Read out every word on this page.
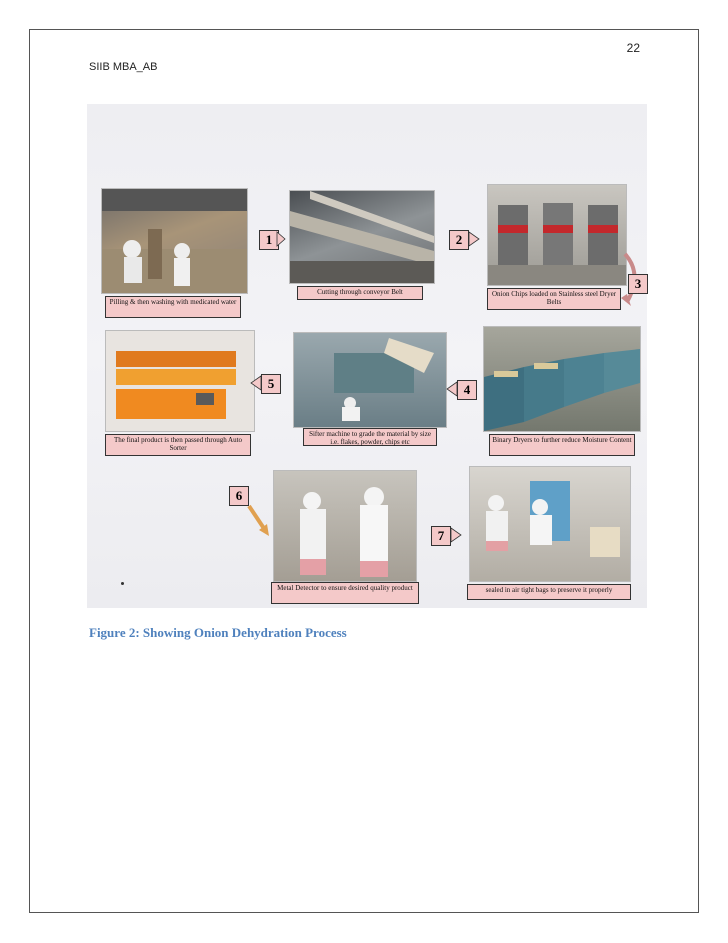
22
SIIB MBA_AB
Pilling & then washing with medicated water
Cutting through conveyor Belt	Onion Chips loaded on Stainless steel Dryer Belts
1	2
3
The final product is then passed through Auto Sorter
Sifter machine to grade the material by size i.e. flakes, powder, chips etc	Binary Dryers to further reduce Moisture Content
5	4
6
Metal Detector to ensure desired quality product
7
sealed in air tight bags to preserve it properly
Figure 2: Showing Onion Dehydration Process
